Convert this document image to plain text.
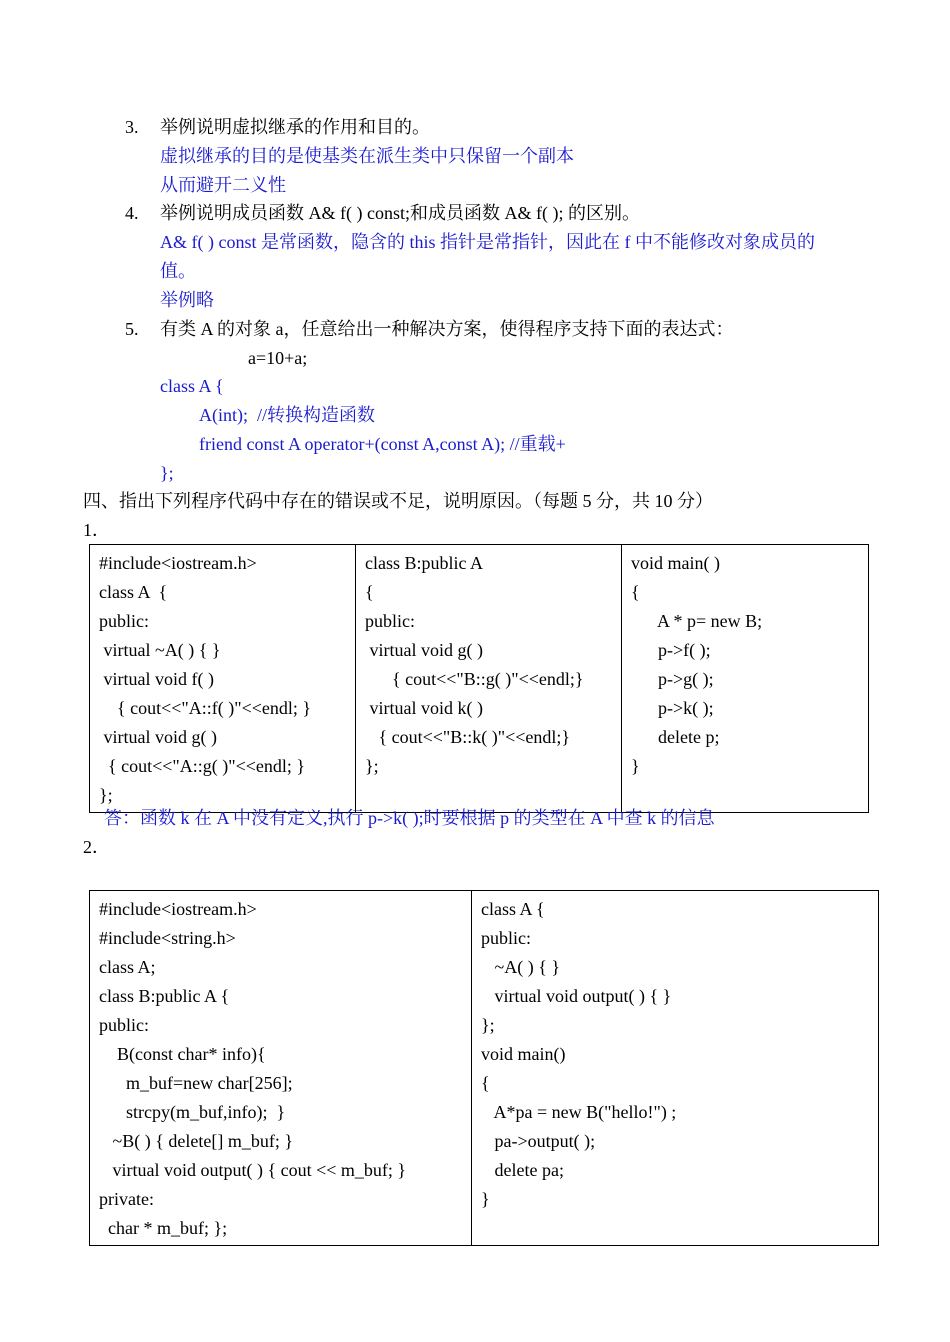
3. 举例说明虚拟继承的作用和目的。
虚拟继承的目的是使基类在派生类中只保留一个副本
从而避开二义性
4. 举例说明成员函数 A& f( ) const;和成员函数 A& f( ); 的区别。
A& f( ) const 是常函数，隐含的 this 指针是常指针，因此在 f 中不能修改对象成员的
值。
举例略
5. 有类 A 的对象 a，任意给出一种解决方案，使得程序支持下面的表达式：
a=10+a;
class A {
A(int);  //转换构造函数
friend const A operator+(const A,const A); //重载+
};
四、指出下列程序代码中存在的错误或不足，说明原因。（每题 5 分，共 10 分）
1．
#include<iostream.h>
class A  {
public:
virtual ~A( ) { }
virtual void f( )
{ cout<<"A::f( )"<<endl; }
virtual void g( )
{ cout<<"A::g( )"<<endl; }
};

class B:public A
{
public:
virtual void g( )
{ cout<<"B::g( )"<<endl;}
virtual void k( )
{ cout<<"B::k( )"<<endl;}
};

void main( )
{
A * p= new B;
p->f( );
p->g( );
p->k( );
delete p;
}
答：函数 k 在 A 中没有定义,执行 p->k( );时要根据 p 的类型在 A 中查 k 的信息
2．
#include<iostream.h>
#include<string.h>
class A;
class B:public A {
public:
B(const char* info){
m_buf=new char[256];
strcpy(m_buf,info);  }
~B( ) { delete[] m_buf; }
virtual void output( ) { cout << m_buf; }
private:
char * m_buf; };

class A {
public:
~A( ) { }
virtual void output( ) { }
};
void main()
{
A*pa = new B("hello!") ;
pa->output( );
delete pa;
}
